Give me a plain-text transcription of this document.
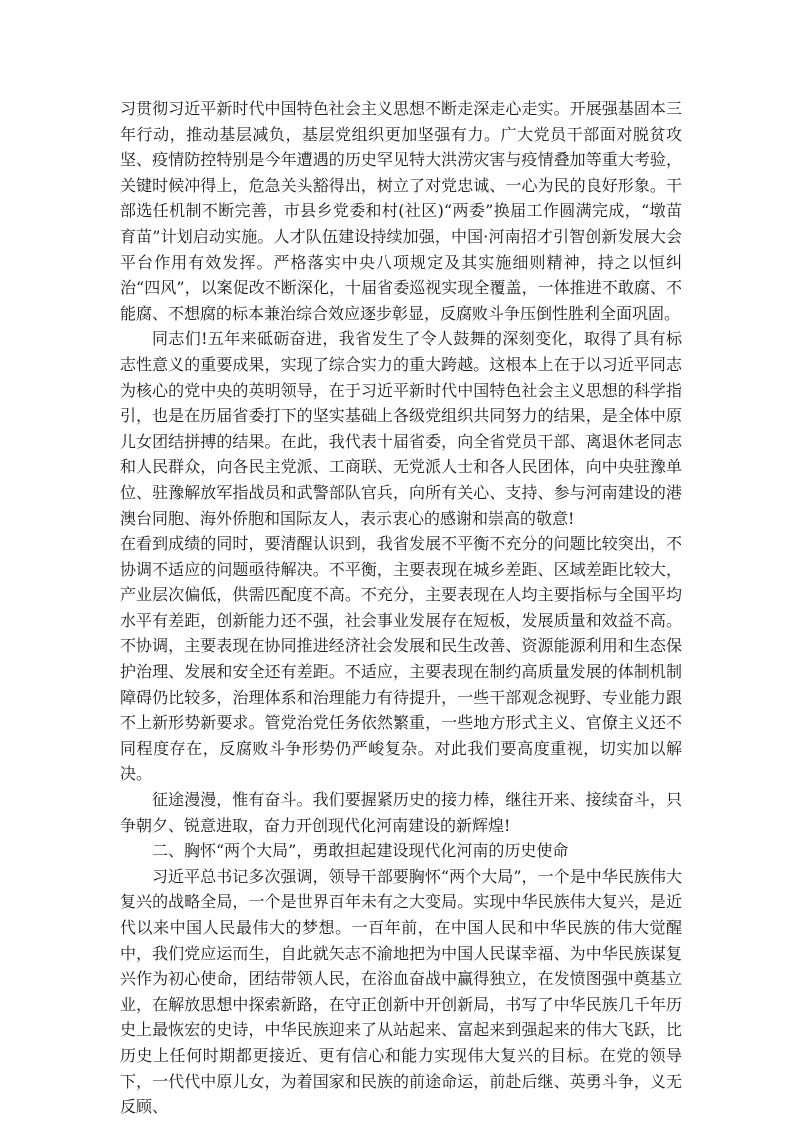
习贯彻习近平新时代中国特色社会主义思想不断走深走心走实。开展强基固本三年行动，推动基层减负，基层党组织更加坚强有力。广大党员干部面对脱贫攻坚、疫情防控特别是今年遭遇的历史罕见特大洪涝灾害与疫情叠加等重大考验，关键时候冲得上，危急关头豁得出，树立了对党忠诚、一心为民的良好形象。干部选任机制不断完善，市县乡党委和村(社区)“两委”换届工作圆满完成，“墩苗育苗”计划启动实施。人才队伍建设持续加强，中国·河南招才引智创新发展大会平台作用有效发挥。严格落实中央八项规定及其实施细则精神，持之以恒纠治“四风”，以案促改不断深化，十届省委巡视实现全覆盖，一体推进不敢腐、不能腐、不想腐的标本兼治综合效应逐步彰显，反腐败斗争压倒性胜利全面巩固。

同志们!五年来砥砺奋进，我省发生了令人鼓舞的深刻变化，取得了具有标志性意义的重要成果，实现了综合实力的重大跨越。这根本上在于以习近平同志为核心的党中央的英明领导，在于习近平新时代中国特色社会主义思想的科学指引，也是在历届省委打下的坚实基础上各级党组织共同努力的结果，是全体中原儿女团结拼搏的结果。在此，我代表十届省委，向全省党员干部、离退休老同志和人民群众，向各民主党派、工商联、无党派人士和各人民团体，向中央驻豫单位、驻豫解放军指战员和武警部队官兵，向所有关心、支持、参与河南建设的港澳台同胞、海外侨胞和国际友人，表示衷心的感谢和崇高的敬意!

在看到成绩的同时，要清醒认识到，我省发展不平衡不充分的问题比较突出，不协调不适应的问题亟待解决。不平衡，主要表现在城乡差距、区域差距比较大，产业层次偏低，供需匹配度不高。不充分，主要表现在人均主要指标与全国平均水平有差距，创新能力还不强，社会事业发展存在短板，发展质量和效益不高。不协调，主要表现在协同推进经济社会发展和民生改善、资源能源利用和生态保护治理、发展和安全还有差距。不适应，主要表现在制约高质量发展的体制机制障碍仍比较多，治理体系和治理能力有待提升，一些干部观念视野、专业能力跟不上新形势新要求。管党治党任务依然繁重，一些地方形式主义、官僚主义还不同程度存在，反腐败斗争形势仍严峻复杂。对此我们要高度重视，切实加以解决。

征途漫漫，惟有奋斗。我们要握紧历史的接力棒，继往开来、接续奋斗，只争朝夕、锐意进取，奋力开创现代化河南建设的新辉煌!

二、胸怀“两个大局”，勇敢担起建设现代化河南的历史使命

习近平总书记多次强调，领导干部要胸怀“两个大局”，一个是中华民族伟大复兴的战略全局，一个是世界百年未有之大变局。实现中华民族伟大复兴，是近代以来中国人民最伟大的梦想。一百年前，在中国人民和中华民族的伟大觉醒中，我们党应运而生，自此就矢志不渝地把为中国人民谋幸福、为中华民族谋复兴作为初心使命，团结带领人民，在浴血奋战中赢得独立，在发愤图强中奠基立业，在解放思想中探索新路，在守正创新中开创新局，书写了中华民族几千年历史上最恢宏的史诗，中华民族迎来了从站起来、富起来到强起来的伟大飞跃，比历史上任何时期都更接近、更有信心和能力实现伟大复兴的目标。在党的领导下，一代代中原儿女，为着国家和民族的前途命运，前赴后继、英勇斗争，义无反顾、
